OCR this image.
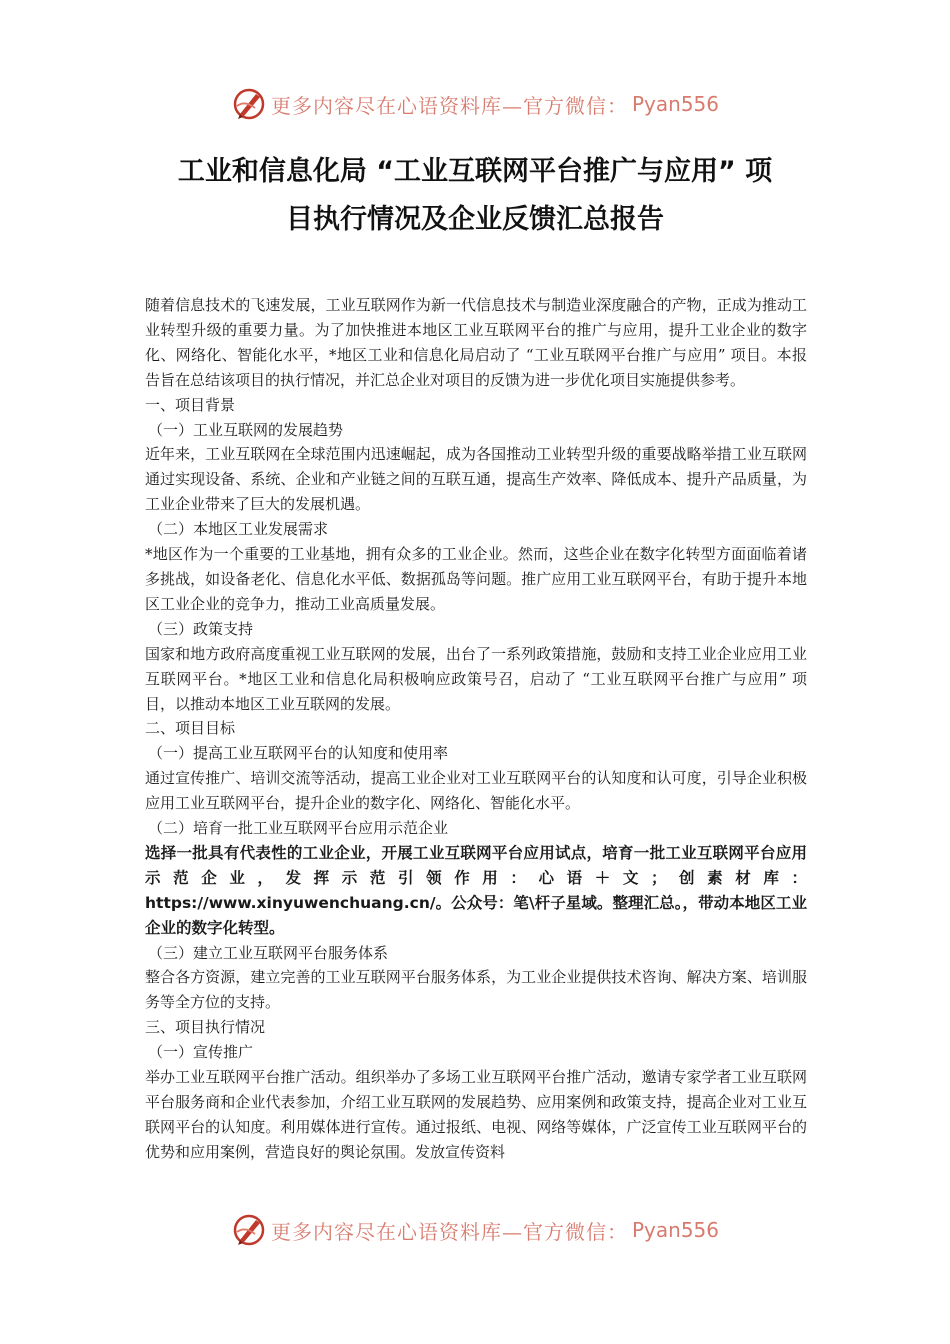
更多内容尽在心语资料库—官方微信： Pyan556
工业和信息化局 “工业互联网平台推广与应用” 项
目执行情况及企业反馈汇总报告

随着信息技术的飞速发展，工业互联网作为新一代信息技术与制造业深度融合的产物，正成为推动工业转型升级的重要力量。为了加快推进本地区工业互联网平台的推广与应用，提升工业企业的数字化、网络化、智能化水平，*地区工业和信息化局启动了 “工业互联网平台推广与应用” 项目。本报告旨在总结该项目的执行情况，并汇总企业对项目的反馈为进一步优化项目实施提供参考。

一、项目背景

（一）工业互联网的发展趋势

近年来，工业互联网在全球范围内迅速崛起，成为各国推动工业转型升级的重要战略举措工业互联网通过实现设备、系统、企业和产业链之间的互联互通，提高生产效率、降低成本、提升产品质量，为工业企业带来了巨大的发展机遇。

（二）本地区工业发展需求

*地区作为一个重要的工业基地，拥有众多的工业企业。然而，这些企业在数字化转型方面面临着诸多挑战，如设备老化、信息化水平低、数据孤岛等问题。推广应用工业互联网平台，有助于提升本地区工业企业的竞争力，推动工业高质量发展。

（三）政策支持

国家和地方政府高度重视工业互联网的发展，出台了一系列政策措施，鼓励和支持工业企业应用工业互联网平台。*地区工业和信息化局积极响应政策号召，启动了 “工业互联网平台推广与应用” 项目，以推动本地区工业互联网的发展。

二、项目目标

（一）提高工业互联网平台的认知度和使用率

通过宣传推广、培训交流等活动，提高工业企业对工业互联网平台的认知度和认可度，引导企业积极应用工业互联网平台，提升企业的数字化、网络化、智能化水平。

（二）培育一批工业互联网平台应用示范企业

选择一批具有代表性的工业企业，开展工业互联网平台应用试点，培育一批工业互联网平台应用示范企业，发挥示范引领作用：心语＋文；创素材库：https://www.xinyuwenchuang.cn/。公众号：笔\杆子星域。整理汇总。，带动本地区工业企业的数字化转型。

（三）建立工业互联网平台服务体系

整合各方资源，建立完善的工业互联网平台服务体系，为工业企业提供技术咨询、解决方案、培训服务等全方位的支持。

三、项目执行情况

（一）宣传推广

举办工业互联网平台推广活动。组织举办了多场工业互联网平台推广活动，邀请专家学者工业互联网平台服务商和企业代表参加，介绍工业互联网的发展趋势、应用案例和政策支持，提高企业对工业互联网平台的认知度。利用媒体进行宣传。通过报纸、电视、网络等媒体，广泛宣传工业互联网平台的优势和应用案例，营造良好的舆论氛围。发放宣传资料

更多内容尽在心语资料库—官方微信： Pyan556
